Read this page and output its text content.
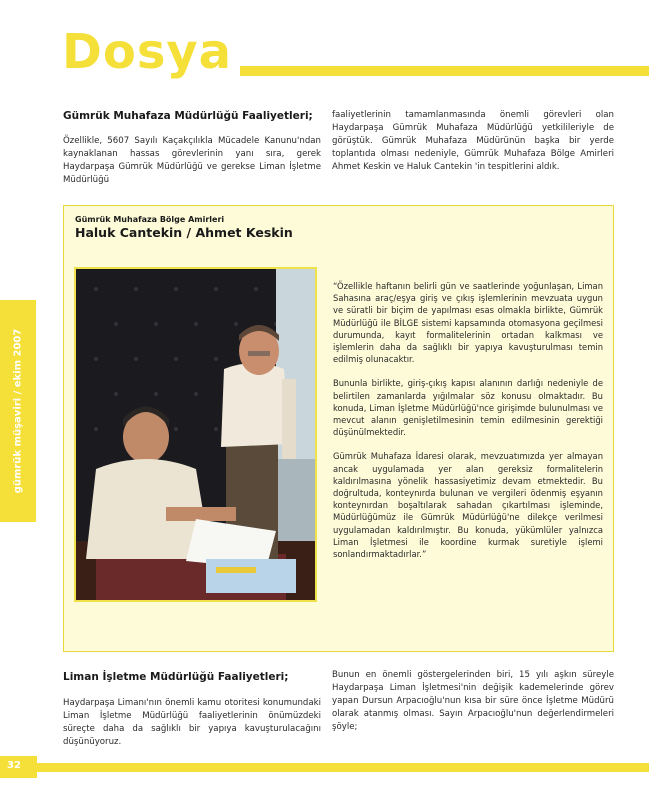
Dosya
gümrük müşaviri / ekim 2007
Gümrük Muhafaza Müdürlüğü Faaliyetleri;
Özellikle, 5607 Sayılı Kaçakçılıkla Mücadele Kanunu'ndan kaynaklanan hassas görevlerinin yanı sıra, gerek Haydarpaşa Gümrük Müdürlüğü ve gerekse Liman İşletme Müdürlüğü
faaliyetlerinin tamamlanmasında önemli görevleri olan Haydarpaşa Gümrük Muhafaza Müdürlüğü yetkilileriyle de görüştük. Gümrük Muhafaza Müdürünün başka bir yerde toplantıda olması nedeniyle, Gümrük Muhafaza Bölge Amirleri Ahmet Keskin ve Haluk Cantekin 'in tespitlerini aldık.
Gümrük Muhafaza Bölge Amirleri
Haluk Cantekin / Ahmet Keskin

“Özellikle haftanın belirli gün ve saatlerinde yoğunlaşan, Liman Sahasına araç/eşya giriş ve çıkış işlemlerinin mevzuata uygun ve süratli bir biçim de yapılması esas olmakla birlikte, Gümrük Müdürlüğü ile BİLGE sistemi kapsamında otomasyona geçilmesi durumunda, kayıt formalitelerinin ortadan kalkması ve işlemlerin daha da sağlıklı bir yapıya kavuşturulması temin edilmiş olunacaktır.

Bununla birlikte, giriş-çıkış kapısı alanının darlığı nedeniyle de belirtilen zamanlarda yığılmalar söz konusu olmaktadır. Bu konuda, Liman İşletme Müdürlüğü'nce girişimde bulunulması ve mevcut alanın genişletilmesinin temin edilmesinin gerektiği düşünülmektedir.

Gümrük Muhafaza İdaresi olarak, mevzuatımızda yer almayan ancak uygulamada yer alan gereksiz formalitelerin kaldırılmasına yönelik hassasiyetimiz devam etmektedir. Bu doğrultuda, konteynırda bulunan ve vergileri ödenmiş eşyanın konteynırdan boşaltılarak sahadan çıkartılması işleminde, Müdürlüğümüz ile Gümrük Müdürlüğü'ne dilekçe verilmesi uygulamadan kaldırılmıştır. Bu konuda, yükümlüler yalnızca Liman İşletmesi ile koordine kurmak suretiyle işlemi sonlandırmaktadırlar.”

Liman İşletme Müdürlüğü Faaliyetleri;
Haydarpaşa Limanı'nın önemli kamu otoritesi konumundaki Liman İşletme Müdürlüğü faaliyetlerinin önümüzdeki süreçte daha da sağlıklı bir yapıya kavuşturulacağını düşünüyoruz.
Bunun en önemli göstergelerinden biri, 15 yılı aşkın süreyle Haydarpaşa Liman İşletmesi'nin değişik kademelerinde görev yapan Dursun Arpacıoğlu'nun kısa bir süre önce İşletme Müdürü olarak atanmış olması. Sayın Arpacıoğlu'nun değerlendirmeleri şöyle;
32
